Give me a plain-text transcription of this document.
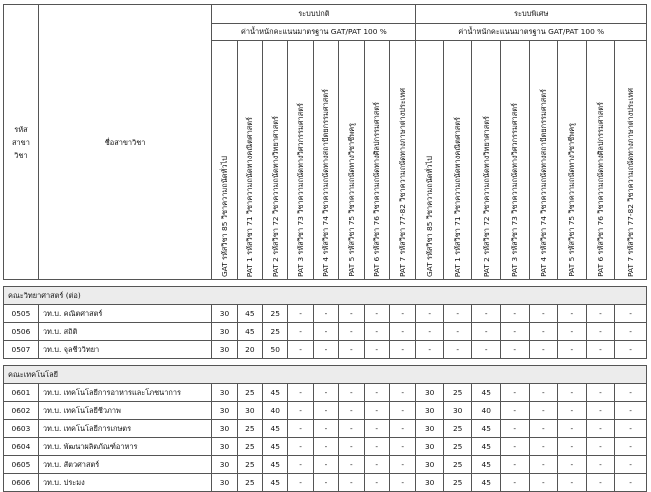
รหัส
สาขา
วิชา	ชื่อสาขาวิชา	ระบบปกติ								ระบบพิเศษ							
		ค่าน้ำหนักคะแนนมาตรฐาน GAT/PAT 100 %								ค่าน้ำหนักคะแนนมาตรฐาน GAT/PAT 100 %							
		GAT รหัสวิชา 85 วิชาความถนัดทั่วไป	PAT 1 รหัสวิชา 71 วิชาความถนัดทางคณิตศาสตร์	PAT 2 รหัสวิชา 72 วิชาความถนัดทางวิทยาศาสตร์	PAT 3 รหัสวิชา 73 วิชาความถนัดทางวิศวกรรมศาสตร์	PAT 4 รหัสวิชา 74 วิชาความถนัดทางสถาปัตยกรรมศาสตร์	PAT 5 รหัสวิชา 75 วิชาความถนัดทางวิชาชีพครู	PAT 6 รหัสวิชา 76 วิชาความถนัดทางศิลปกรรมศาสตร์	PAT 7 รหัสวิชา 77-82 วิชาความถนัดทางภาษาต่างประเทศ	GAT รหัสวิชา 85 วิชาความถนัดทั่วไป	PAT 1 รหัสวิชา 71 วิชาความถนัดทางคณิตศาสตร์	PAT 2 รหัสวิชา 72 วิชาความถนัดทางวิทยาศาสตร์	PAT 3 รหัสวิชา 73 วิชาความถนัดทางวิศวกรรมศาสตร์	PAT 4 รหัสวิชา 74 วิชาความถนัดทางสถาปัตยกรรมศาสตร์	PAT 5 รหัสวิชา 75 วิชาความถนัดทางวิชาชีพครู	PAT 6 รหัสวิชา 76 วิชาความถนัดทางศิลปกรรมศาสตร์	PAT 7 รหัสวิชา 77-82 วิชาความถนัดทางภาษาต่างประเทศ

คณะวิทยาศาสตร์ (ต่อ)																	
0505	วท.บ. คณิตศาสตร์	30	45	25	-	-	-	-	-	-	-	-	-	-	-	-	-
0506	วท.บ. สถิติ	30	45	25	-	-	-	-	-	-	-	-	-	-	-	-	-
0507	วท.บ. จุลชีววิทยา	30	20	50	-	-	-	-	-	-	-	-	-	-	-	-	-

คณะเทคโนโลยี																	
0601	วท.บ. เทคโนโลยีการอาหารและโภชนาการ	30	25	45	-	-	-	-	-	30	25	45	-	-	-	-	-
0602	วท.บ. เทคโนโลยีชีวภาพ	30	30	40	-	-	-	-	-	30	30	40	-	-	-	-	-
0603	วท.บ. เทคโนโลยีการเกษตร	30	25	45	-	-	-	-	-	30	25	45	-	-	-	-	-
0604	วท.บ. พัฒนาผลิตภัณฑ์อาหาร	30	25	45	-	-	-	-	-	30	25	45	-	-	-	-	-
0605	วท.บ. สัตวศาสตร์	30	25	45	-	-	-	-	-	30	25	45	-	-	-	-	-
0606	วท.บ. ประมง	30	25	45	-	-	-	-	-	30	25	45	-	-	-	-	-
